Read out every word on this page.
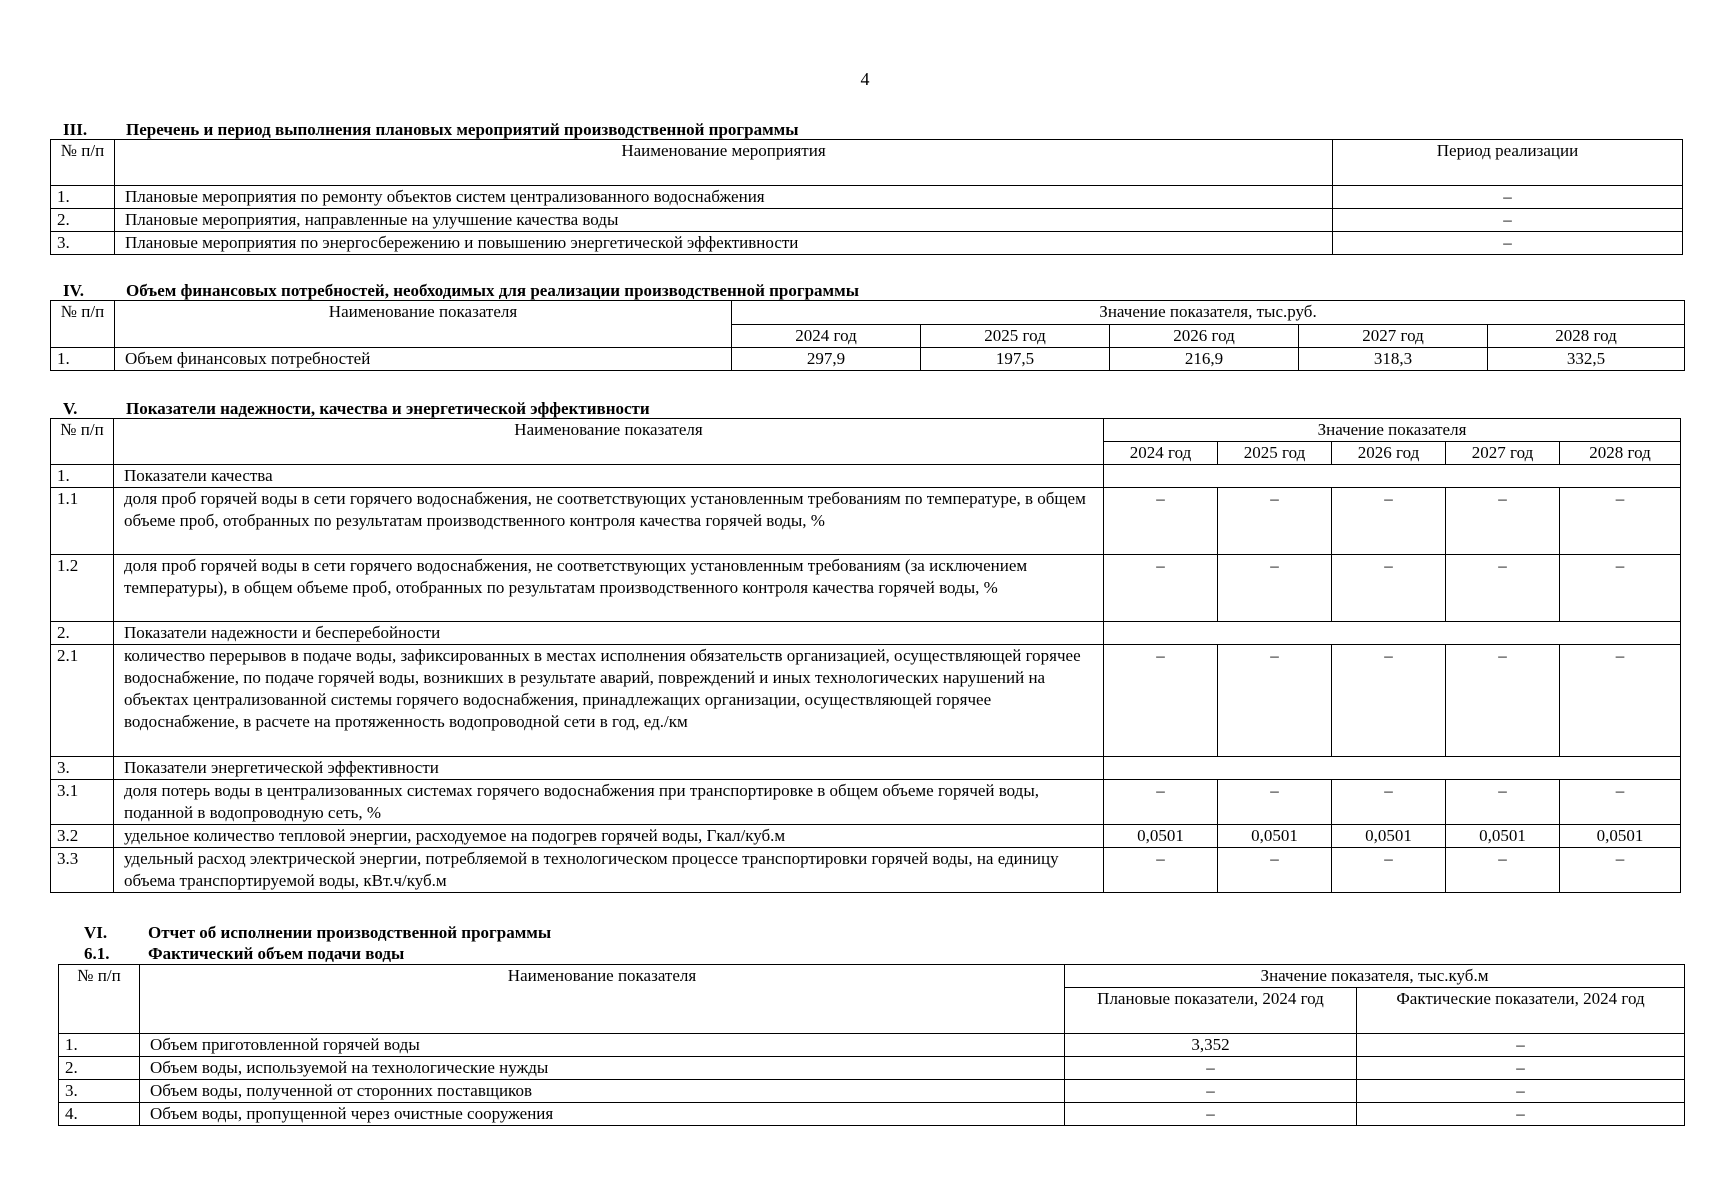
4
III. Перечень и период выполнения плановых мероприятий производственной программы
№ п/п	Наименование мероприятия	Период реализации
1.	Плановые мероприятия по ремонту объектов систем централизованного водоснабжения	–
2.	Плановые мероприятия, направленные на улучшение качества воды	–
3.	Плановые мероприятия по энергосбережению и повышению энергетической эффективности	–
IV. Объем финансовых потребностей, необходимых для реализации производственной программы
№ п/п	Наименование показателя	Значение показателя, тыс.руб.				
		2024 год	2025 год	2026 год	2027 год	2028 год
1.	Объем финансовых потребностей	297,9	197,5	216,9	318,3	332,5
V.	Показатели надежности, качества и энергетической эффективности
№ п/п	Наименование показателя	Значение показателя				
		2024 год	2025 год	2026 год	2027 год	2028 год
1.	Показатели качества					
1.1	доля проб горячей воды в сети горячего водоснабжения, не соответствующих установленным требованиям по температуре, в общем объеме проб, отобранных по результатам производственного контроля качества горячей воды, %	–	–	–	–	–
1.2	доля проб горячей воды в сети горячего водоснабжения, не соответствующих установленным требованиям (за исключением температуры), в общем объеме проб, отобранных по результатам производственного контроля качества горячей воды, %	–	–	–	–	–
2.	Показатели надежности и бесперебойности					
2.1	количество перерывов в подаче воды, зафиксированных в местах исполнения обязательств организацией, осуществляющей горячее водоснабжение, по подаче горячей воды, возникших в результате аварий, повреждений и иных технологических нарушений на объектах централизованной системы горячего водоснабжения, принадлежащих организации, осуществляющей горячее водоснабжение, в расчете на протяженность водопроводной сети в год, ед./км	–	–	–	–	–
3.	Показатели энергетической эффективности					
3.1	доля потерь воды в централизованных системах горячего водоснабжения при транспортировке в общем объеме горячей воды, поданной в водопроводную сеть, %	–	–	–	–	–
3.2	удельное количество тепловой энергии, расходуемое на подогрев горячей воды, Гкал/куб.м	0,0501	0,0501	0,0501	0,0501	0,0501
3.3	удельный расход электрической энергии, потребляемой в технологическом процессе транспортировки горячей воды, на единицу объема транспортируемой воды, кВт.ч/куб.м	–	–	–	–	–
VI. Отчет об исполнении производственной программы
6.1. Фактический объем подачи воды
№ п/п	Наименование показателя	Значение показателя, тыс.куб.м	
		Плановые показатели, 2024 год	Фактические показатели, 2024 год
1.	Объем приготовленной горячей воды	3,352	–
2.	Объем воды, используемой на технологические нужды	–	–
3.	Объем воды, полученной от сторонних поставщиков	–	–
4.	Объем воды, пропущенной через очистные сооружения	–	–
